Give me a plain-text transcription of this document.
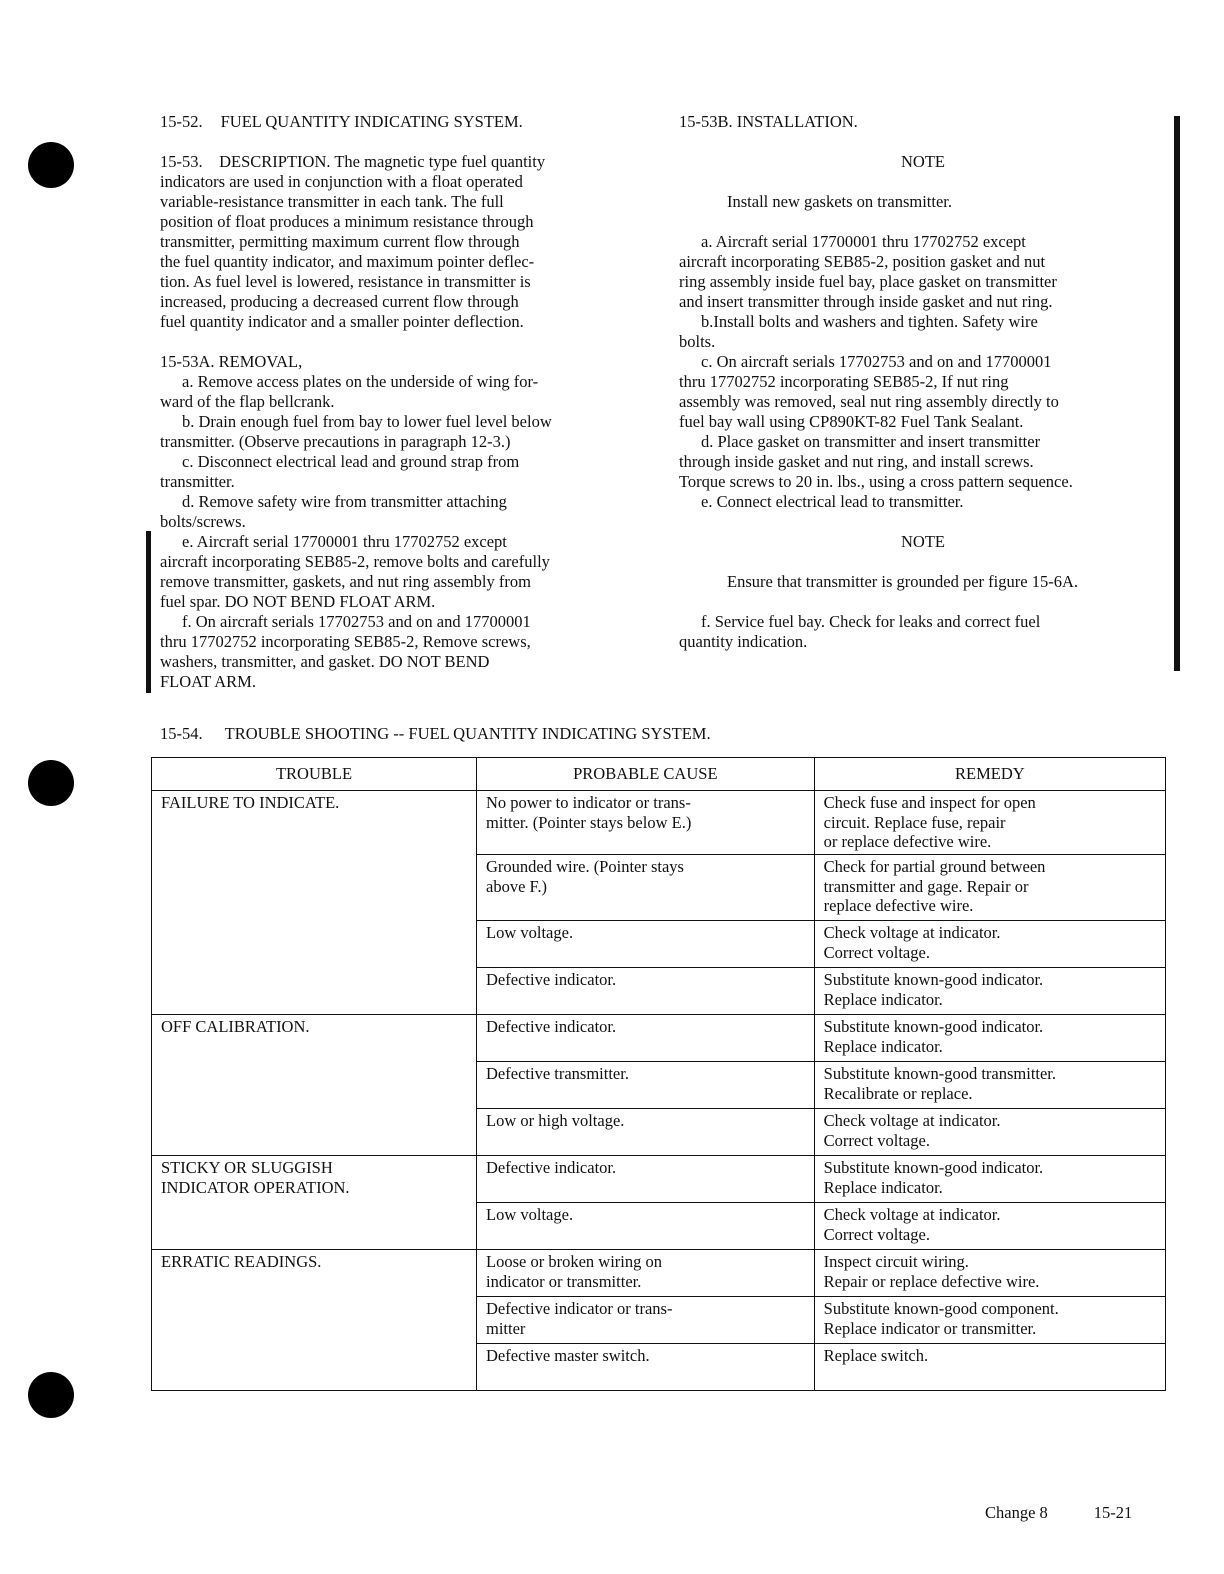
15-52. FUEL QUANTITY INDICATING SYSTEM.

15-53. DESCRIPTION. The magnetic type fuel quantity

indicators are used in conjunction with a float operated

variable-resistance transmitter in each tank. The full

position of float produces a minimum resistance through

transmitter, permitting maximum current flow through

the fuel quantity indicator, and maximum pointer deflec-

tion. As fuel level is lowered, resistance in transmitter is

increased, producing a decreased current flow through

fuel quantity indicator and a smaller pointer deflection.

15-53A. REMOVAL,

a. Remove access plates on the underside of wing for-

ward of the flap bellcrank.

b. Drain enough fuel from bay to lower fuel level below

transmitter. (Observe precautions in paragraph 12-3.)

c. Disconnect electrical lead and ground strap from

transmitter.

d. Remove safety wire from transmitter attaching

bolts/screws.

e. Aircraft serial 17700001 thru 17702752 except

aircraft incorporating SEB85-2, remove bolts and carefully

remove transmitter, gaskets, and nut ring assembly from

fuel spar. DO NOT BEND FLOAT ARM.

f. On aircraft serials 17702753 and on and 17700001

thru 17702752 incorporating SEB85-2, Remove screws,

washers, transmitter, and gasket. DO NOT BEND

FLOAT ARM.

15-53B. INSTALLATION.
NOTE
Install new gaskets on transmitter.

a. Aircraft serial 17700001 thru 17702752 except

aircraft incorporating SEB85-2, position gasket and nut

ring assembly inside fuel bay, place gasket on transmitter

and insert transmitter through inside gasket and nut ring.

b.Install bolts and washers and tighten. Safety wire

bolts.

c. On aircraft serials 17702753 and on and 17700001

thru 17702752 incorporating SEB85-2, If nut ring

assembly was removed, seal nut ring assembly directly to

fuel bay wall using CP890KT-82 Fuel Tank Sealant.

d. Place gasket on transmitter and insert transmitter

through inside gasket and nut ring, and install screws.

Torque screws to 20 in. lbs., using a cross pattern sequence.

e. Connect electrical lead to transmitter.

NOTE
Ensure that transmitter is grounded per figure 15-6A.

f. Service fuel bay. Check for leaks and correct fuel

quantity indication.

15-54. TROUBLE SHOOTING -- FUEL QUANTITY INDICATING SYSTEM.
TROUBLE	PROBABLE CAUSE	REMEDY
FAILURE TO INDICATE.	No power to indicator or trans-
mitter. (Pointer stays below E.)	Check fuse and inspect for open
circuit. Replace fuse, repair
or replace defective wire.
	Grounded wire. (Pointer stays
above F.)	Check for partial ground between
transmitter and gage. Repair or
replace defective wire.
	Low voltage.	Check voltage at indicator.
Correct voltage.
	Defective indicator.	Substitute known-good indicator.
Replace indicator.
OFF CALIBRATION.	Defective indicator.	Substitute known-good indicator.
Replace indicator.
	Defective transmitter.	Substitute known-good transmitter.
Recalibrate or replace.
	Low or high voltage.	Check voltage at indicator.
Correct voltage.
STICKY OR SLUGGISH
INDICATOR OPERATION.	Defective indicator.	Substitute known-good indicator.
Replace indicator.
	Low voltage.	Check voltage at indicator.
Correct voltage.
ERRATIC READINGS.	Loose or broken wiring on
indicator or transmitter.	Inspect circuit wiring.
Repair or replace defective wire.
	Defective indicator or trans-
mitter	Substitute known-good component.
Replace indicator or transmitter.
	Defective master switch.	Replace switch.
Change 8	15-21
